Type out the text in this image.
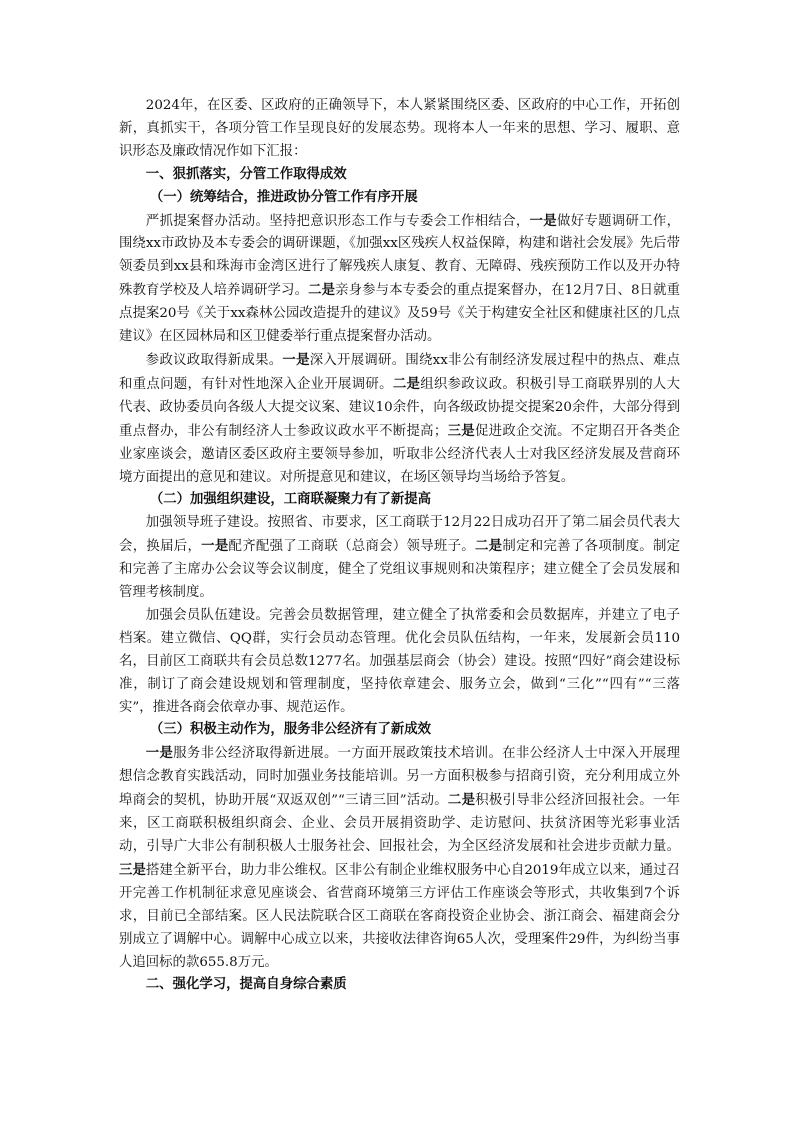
2024年，在区委、区政府的正确领导下，本人紧紧围绕区委、区政府的中心工作，开拓创新，真抓实干，各项分管工作呈现良好的发展态势。现将本人一年来的思想、学习、履职、意识形态及廉政情况作如下汇报：

一、狠抓落实，分管工作取得成效
（一）统筹结合，推进政协分管工作有序开展

严抓提案督办活动。坚持把意识形态工作与专委会工作相结合，一是做好专题调研工作，围绕xx市政协及本专委会的调研课题，《加强xx区残疾人权益保障，构建和谐社会发展》先后带领委员到xx县和珠海市金湾区进行了解残疾人康复、教育、无障碍、残疾预防工作以及开办特殊教育学校及人培养调研学习。二是亲身参与本专委会的重点提案督办，在12月7日、8日就重点提案20号《关于xx森林公园改造提升的建议》及59号《关于构建安全社区和健康社区的几点建议》在区园林局和区卫健委举行重点提案督办活动。

参政议政取得新成果。一是深入开展调研。围绕xx非公有制经济发展过程中的热点、难点和重点问题，有针对性地深入企业开展调研。二是组织参政议政。积极引导工商联界别的人大代表、政协委员向各级人大提交议案、建议10余件，向各级政协提交提案20余件，大部分得到重点督办，非公有制经济人士参政议政水平不断提高；三是促进政企交流。不定期召开各类企业家座谈会，邀请区委区政府主要领导参加，听取非公经济代表人士对我区经济发展及营商环境方面提出的意见和建议。对所提意见和建议，在场区领导均当场给予答复。

（二）加强组织建设，工商联凝聚力有了新提高

加强领导班子建设。按照省、市要求，区工商联于12月22日成功召开了第二届会员代表大会，换届后，一是配齐配强了工商联（总商会）领导班子。二是制定和完善了各项制度。制定和完善了主席办公会议等会议制度，健全了党组议事规则和决策程序；建立健全了会员发展和管理考核制度。

加强会员队伍建设。完善会员数据管理，建立健全了执常委和会员数据库，并建立了电子档案。建立微信、QQ群，实行会员动态管理。优化会员队伍结构，一年来，发展新会员110名，目前区工商联共有会员总数1277名。加强基层商会（协会）建设。按照“四好”商会建设标准，制订了商会建设规划和管理制度，坚持依章建会、服务立会，做到“三化”“四有”“三落实”，推进各商会依章办事、规范运作。

（三）积极主动作为，服务非公经济有了新成效

一是服务非公经济取得新进展。一方面开展政策技术培训。在非公经济人士中深入开展理想信念教育实践活动，同时加强业务技能培训。另一方面积极参与招商引资，充分利用成立外埠商会的契机，协助开展“双返双创”“三请三回”活动。二是积极引导非公经济回报社会。一年来，区工商联积极组织商会、企业、会员开展捐资助学、走访慰问、扶贫济困等光彩事业活动，引导广大非公有制积极人士服务社会、回报社会，为全区经济发展和社会进步贡献力量。三是搭建全新平台，助力非公维权。区非公有制企业维权服务中心自2019年成立以来，通过召开完善工作机制征求意见座谈会、省营商环境第三方评估工作座谈会等形式，共收集到7个诉求，目前已全部结案。区人民法院联合区工商联在客商投资企业协会、浙江商会、福建商会分别成立了调解中心。调解中心成立以来，共接收法律咨询65人次，受理案件29件，为纠纷当事人追回标的款655.8万元。

二、强化学习，提高自身综合素质
